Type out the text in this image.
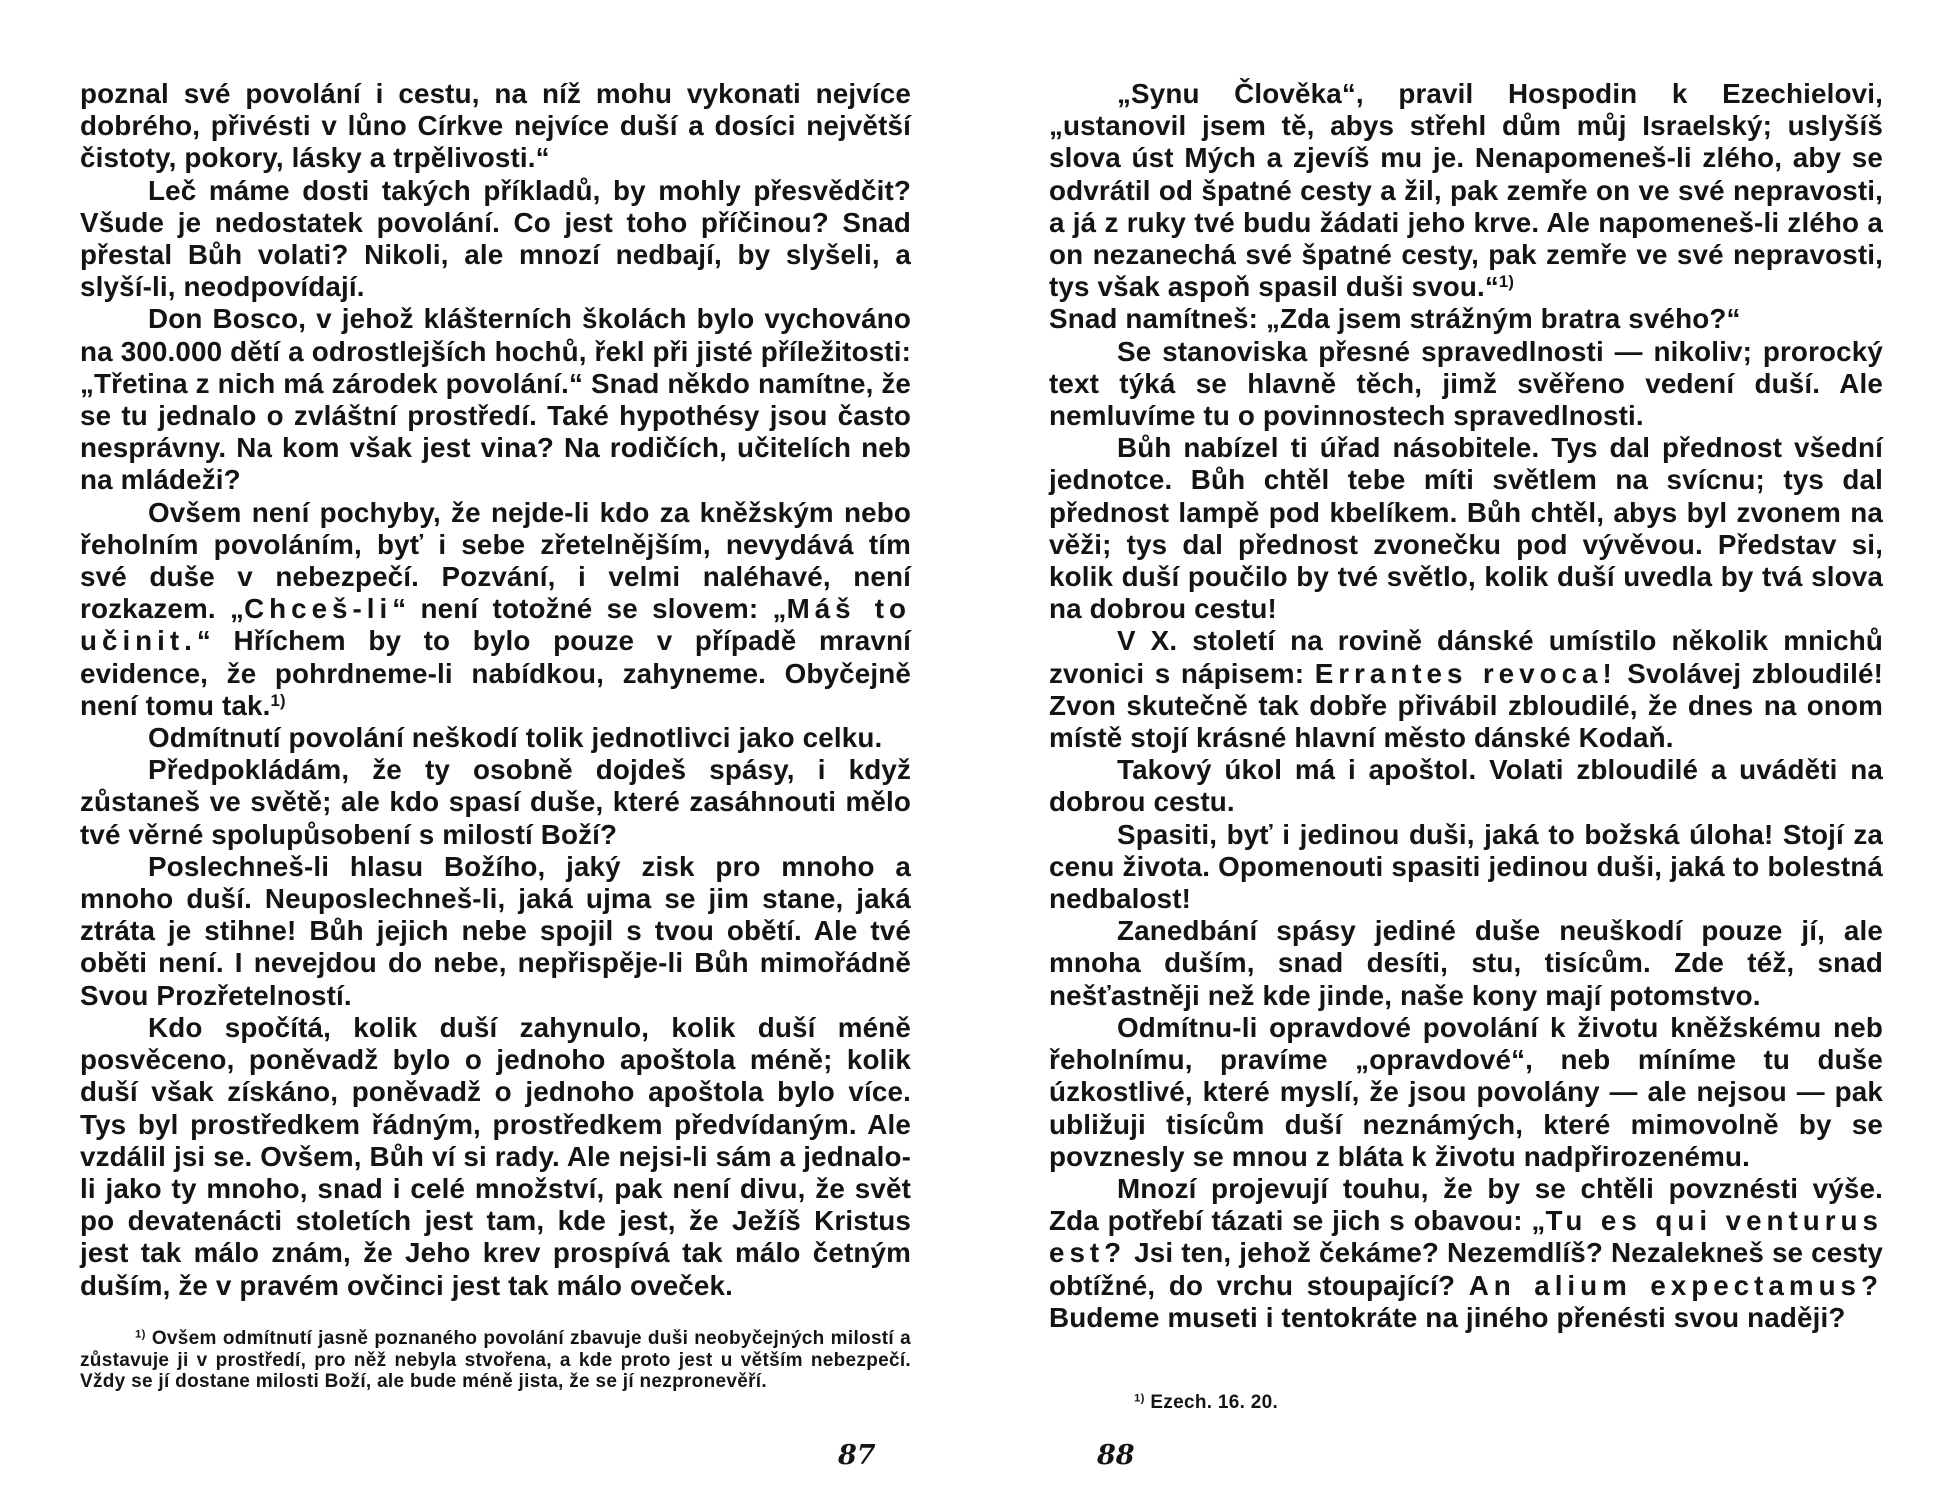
poznal své povolání i cestu, na níž mohu vykonati nejvíce dobrého, přivésti v lůno Církve nejvíce duší a dosíci největší čistoty, pokory, lásky a trpělivosti.“

Leč máme dosti takých příkladů, by mohly přesvědčit? Všude je nedostatek povolání. Co jest toho příčinou? Snad přestal Bůh volati? Nikoli, ale mnozí nedbají, by slyšeli, a slyší-li, neodpovídají.

Don Bosco, v jehož klášterních školách bylo vychováno na 300.000 dětí a odrostlejších hochů, řekl při jisté příležitosti: „Třetina z nich má zárodek povolání.“ Snad někdo namítne, že se tu jednalo o zvláštní prostředí. Také hypothésy jsou často nesprávny. Na kom však jest vina? Na rodičích, učitelích neb na mládeži?

Ovšem není pochyby, že nejde-li kdo za kněžským nebo řeholním povoláním, byť i sebe zřetelnějším, nevydává tím své duše v nebezpečí. Pozvání, i velmi naléhavé, není rozkazem. „Chceš-li“ není totožné se slovem: „Máš to učinit.“ Hříchem by to bylo pouze v případě mravní evidence, že pohrdneme-li nabídkou, zahyneme. Obyčejně není tomu tak.$^{1)}$

Odmítnutí povolání neškodí tolik jednotlivci jako celku.

Předpokládám, že ty osobně dojdeš spásy, i když zůstaneš ve světě; ale kdo spasí duše, které zasáhnouti mělo tvé věrné spolupůsobení s milostí Boží?

Poslechneš-li hlasu Božího, jaký zisk pro mnoho a mnoho duší. Neuposlechneš-li, jaká ujma se jim stane, jaká ztráta je stihne! Bůh jejich nebe spojil s tvou obětí. Ale tvé oběti není. I nevejdou do nebe, nepřispěje-li Bůh mimořádně Svou Prozřetelností.

Kdo spočítá, kolik duší zahynulo, kolik duší méně posvěceno, poněvadž bylo o jednoho apoštola méně; kolik duší však získáno, poněvadž o jednoho apoštola bylo více. Tys byl prostředkem řádným, prostředkem předvídaným. Ale vzdálil jsi se. Ovšem, Bůh ví si rady. Ale nejsi-li sám a jednalo-li jako ty mnoho, snad i celé množství, pak není divu, že svět po devatenácti stoletích jest tam, kde jest, že Ježíš Kristus jest tak málo znám, že Jeho krev prospívá tak málo četným duším, že v pravém ovčinci jest tak málo oveček.

$^{1)}$ Ovšem odmítnutí jasně poznaného povolání zbavuje duši neobyčejných milostí a zůstavuje ji v prostředí, pro něž nebyla stvořena, a kde proto jest u větším nebezpečí. Vždy se jí dostane milosti Boží, ale bude méně jista, že se jí nezpronevěří.

87

„Synu Člověka“, pravil Hospodin k Ezechielovi, „ustanovil jsem tě, abys střehl dům můj Israelský; uslyšíš slova úst Mých a zjevíš mu je. Nenapomeneš-li zlého, aby se odvrátil od špatné cesty a žil, pak zemře on ve své nepravosti, a já z ruky tvé budu žádati jeho krve. Ale napomeneš-li zlého a on nezanechá své špatné cesty, pak zemře ve své nepravosti, tys však aspoň spasil duši svou.“$^{1)}$

Snad namítneš: „Zda jsem strážným bratra svého?“

Se stanoviska přesné spravedlnosti — nikoliv; prorocký text týká se hlavně těch, jimž svěřeno vedení duší. Ale nemluvíme tu o povinnostech spravedlnosti.

Bůh nabízel ti úřad násobitele. Tys dal přednost všední jednotce. Bůh chtěl tebe míti světlem na svícnu; tys dal přednost lampě pod kbelíkem. Bůh chtěl, abys byl zvonem na věži; tys dal přednost zvonečku pod vývěvou. Představ si, kolik duší poučilo by tvé světlo, kolik duší uvedla by tvá slova na dobrou cestu!

V X. století na rovině dánské umístilo několik mnichů zvonici s nápisem: Errantes revoca! Svolávej zbloudilé! Zvon skutečně tak dobře přivábil zbloudilé, že dnes na onom místě stojí krásné hlavní město dánské Kodaň.

Takový úkol má i apoštol. Volati zbloudilé a uváděti na dobrou cestu.

Spasiti, byť i jedinou duši, jaká to božská úloha! Stojí za cenu života. Opomenouti spasiti jedinou duši, jaká to bolestná nedbalost!

Zanedbání spásy jediné duše neuškodí pouze jí, ale mnoha duším, snad desíti, stu, tisícům. Zde též, snad nešťastněji než kde jinde, naše kony mají potomstvo.

Odmítnu-li opravdové povolání k životu kněžskému neb řeholnímu, pravíme „opravdové“, neb míníme tu duše úzkostlivé, které myslí, že jsou povolány — ale nejsou — pak ubližuji tisícům duší neznámých, které mimovolně by se povznesly se mnou z bláta k životu nadpřirozenému.

Mnozí projevují touhu, že by se chtěli povznésti výše. Zda potřebí tázati se jich s obavou: „Tu es qui venturus est? Jsi ten, jehož čekáme? Nezemdlíš? Nezalekneš se cesty obtížné, do vrchu stoupající? An alium expectamus? Budeme museti i tentokráte na jiného přenésti svou naději?

$^{1)}$ Ezech. 16. 20.

88
